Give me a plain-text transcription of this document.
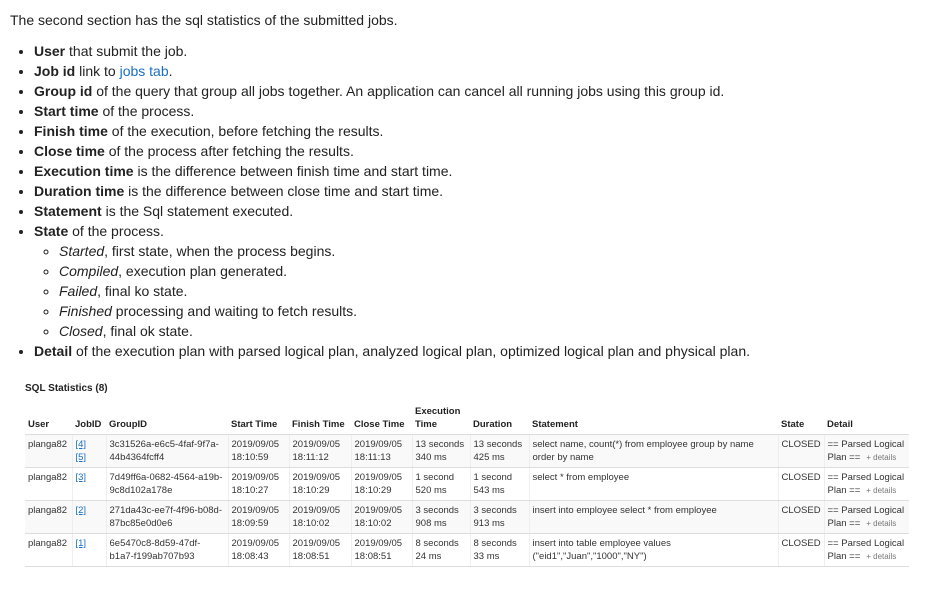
The second section has the sql statistics of the submitted jobs.

• User that submit the job.
• Job id link to jobs tab.
• Group id of the query that group all jobs together. An application can cancel all running jobs using this group id.
• Start time of the process.
• Finish time of the execution, before fetching the results.
• Close time of the process after fetching the results.
• Execution time is the difference between finish time and start time.
• Duration time is the difference between close time and start time.
• Statement is the Sql statement executed.
• State of the process.
◦ Started, first state, when the process begins.
◦ Compiled, execution plan generated.
◦ Failed, final ko state.
◦ Finished processing and waiting to fetch results.
◦ Closed, final ok state.
• Detail of the execution plan with parsed logical plan, analyzed logical plan, optimized logical plan and physical plan.
SQL Statistics (8)
User	JobID	GroupID	Start Time	Finish Time	Close Time	Execution Time	Duration	Statement	State	Detail
planga82	[4][5]	3c31526a-e6c5-4faf-9f7a-44b4364fcff4	2019/09/05 18:10:59	2019/09/05 18:11:12	2019/09/05 18:11:13	13 seconds 340 ms	13 seconds 425 ms	select name, count(*) from employee group by name order by name	CLOSED	== Parsed Logical Plan == + details
planga82	[3]	7d49ff6a-0682-4564-a19b-9c8d102a178e	2019/09/05 18:10:27	2019/09/05 18:10:29	2019/09/05 18:10:29	1 second 520 ms	1 second 543 ms	select * from employee	CLOSED	== Parsed Logical Plan == + details
planga82	[2]	271da43c-ee7f-4f96-b08d-87bc85e0d0e6	2019/09/05 18:09:59	2019/09/05 18:10:02	2019/09/05 18:10:02	3 seconds 908 ms	3 seconds 913 ms	insert into employee select * from employee	CLOSED	== Parsed Logical Plan == + details
planga82	[1]	6e5470c8-8d59-47df-b1a7-f199ab707b93	2019/09/05 18:08:43	2019/09/05 18:08:51	2019/09/05 18:08:51	8 seconds 24 ms	8 seconds 33 ms	insert into table employee values ("eid1","Juan","1000","NY")	CLOSED	== Parsed Logical Plan == + details
